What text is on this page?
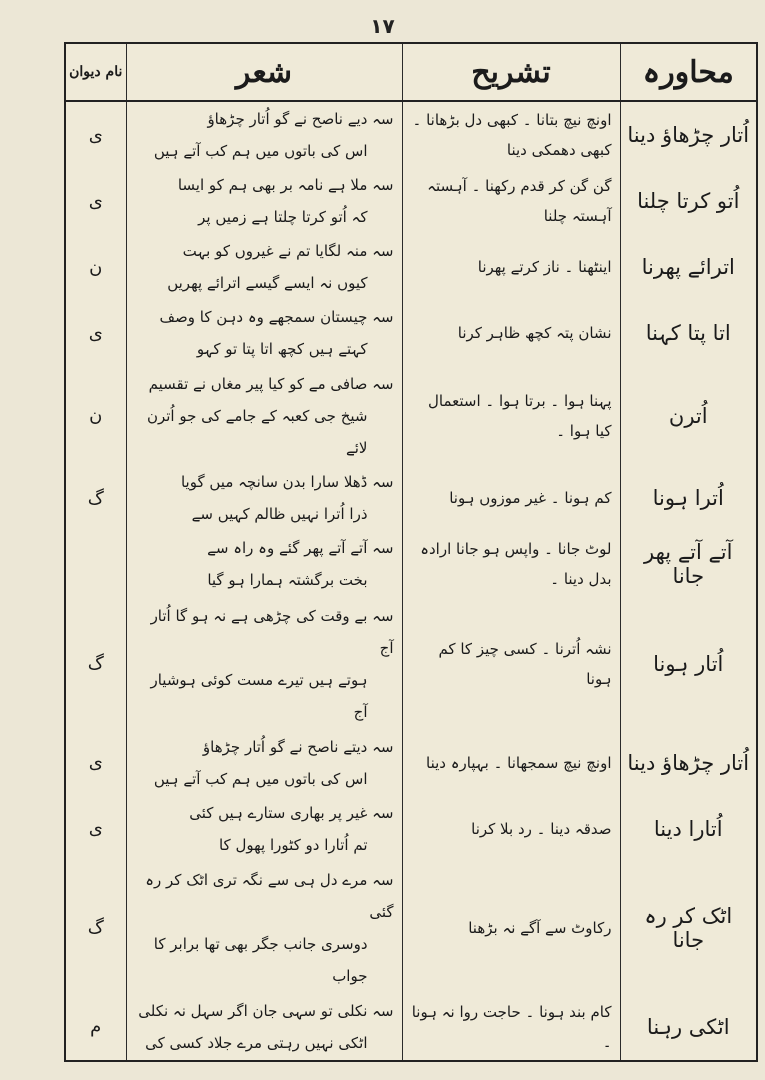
١٧
محاورہ	تشریح	شعر	نام دیوان
اُتار چڑھاؤ دینا	اونچ نیچ بتانا ۔ کبھی دل بڑھانا ۔ کبھی دھمکی دینا	سہ دیے ناصح نے گو اُتار چڑھاؤ
اس کی باتوں میں ہم کب آتے ہیں	ی
اُتو کرتا چلنا	گن گن کر قدم رکھنا ۔ آہستہ آہستہ چلنا	سہ ملا ہے نامہ بر بھی ہم کو ایسا
کہ اُتو کرتا چلتا ہے زمیں پر	ی
اترائے پھرنا	اینٹھنا ۔ ناز کرتے پھرنا	سہ منہ لگایا تم نے غیروں کو بہت
کیوں نہ ایسے گیسے اترائے پھریں	ن
اتا پتا کہنا	نشان پتہ کچھ ظاہر کرنا	سہ چیستان سمجھے وہ دہن کا وصف
کہتے ہیں کچھ اتا پتا تو کہو	ی
اُترن	پہنا ہوا ۔ برتا ہوا ۔ استعمال کیا ہوا ۔	سہ صافی مے کو کیا پیر مغاں نے تقسیم
شیخ جی کعبہ کے جامے کی جو اُترن لائے	ن
اُترا ہونا	کم ہونا ۔ غیر موزوں ہونا	سہ ڈھلا سارا بدن سانچہ میں گویا
ذرا اُترا نہیں ظالم کہیں سے	گ
آتے آتے پھر جانا	لوٹ جانا ۔ واپس ہو جانا ارادہ بدل دینا ۔	سہ آتے آتے پھر گئے وہ راہ سے
بخت برگشتہ ہمارا ہو گیا	

اُتار ہونا	نشہ اُترنا ۔ کسی چیز کا کم ہونا	سہ بے وقت کی چڑھی ہے نہ ہو گا اُتار آج
ہوتے ہیں تیرے مست کوئی ہوشیار آج	گ
اُتار چڑھاؤ دینا	اونچ نیچ سمجھانا ۔ بہپارہ دینا	سہ دیتے ناصح نے گو اُتار چڑھاؤ
اس کی باتوں میں ہم کب آتے ہیں	ی
اُتارا دینا	صدقہ دینا ۔ رد بلا کرنا	سہ غیر پر بھاری ستارے ہیں کئی
تم اُتارا دو کٹورا پھول کا	ی
اٹک کر رہ جانا	رکاوٹ سے آگے نہ بڑھنا	سہ مرے دل ہی سے نگہ تری اٹک کر رہ گئی
دوسری جانب جگر بھی تھا برابر کا جواب	گ
اٹکی رہنا	کام بند ہونا ۔ حاجت روا نہ ہونا ۔	سہ نکلی تو سہی جان اگر سہل نہ نکلی
اٹکی نہیں رہتی مرے جلاد کسی کی	م
